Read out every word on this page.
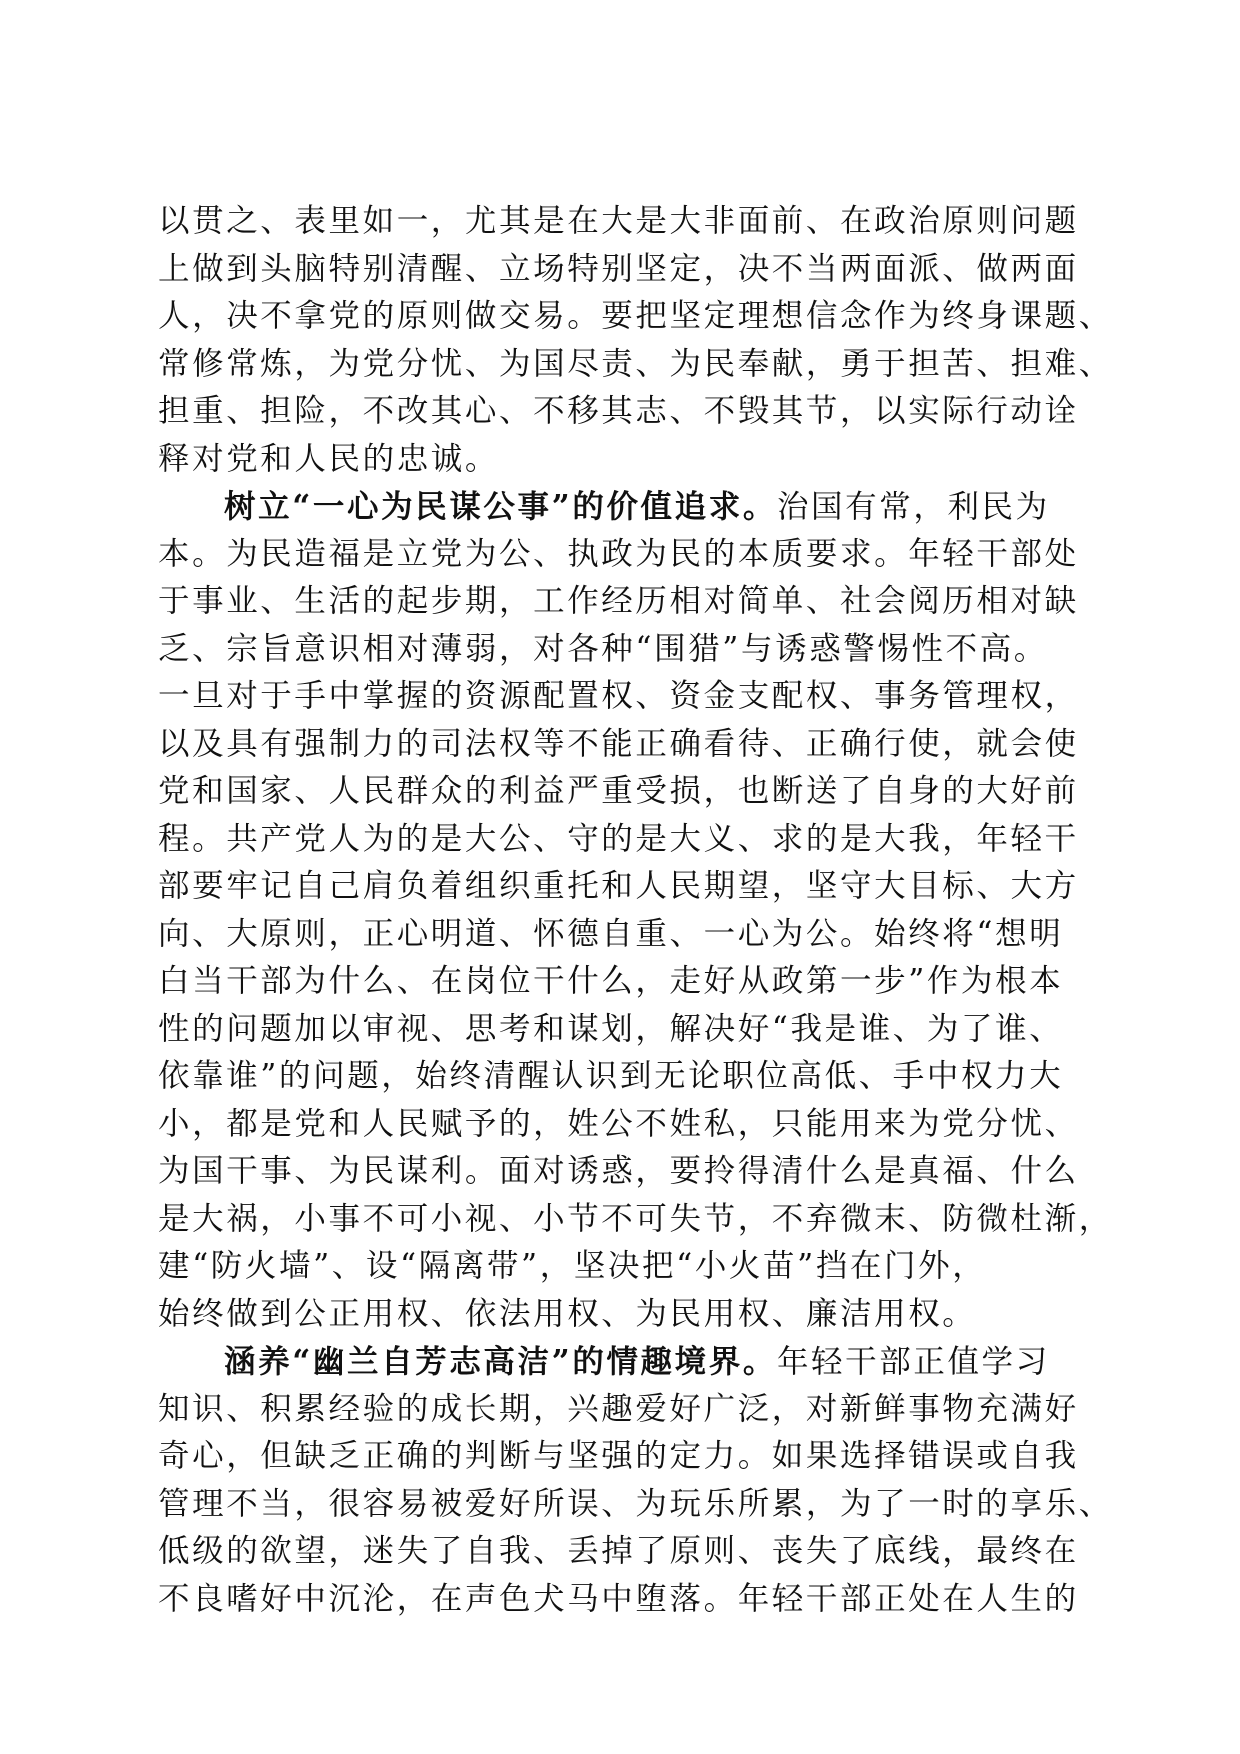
以贯之、表里如一，尤其是在大是大非面前、在政治原则问题
上做到头脑特别清醒、立场特别坚定，决不当两面派、做两面
人，决不拿党的原则做交易。要把坚定理想信念作为终身课题、
常修常炼，为党分忧、为国尽责、为民奉献，勇于担苦、担难、
担重、担险，不改其心、不移其志、不毁其节，以实际行动诠
释对党和人民的忠诚。
树立“一心为民谋公事”的价值追求。治国有常，利民为
本。为民造福是立党为公、执政为民的本质要求。年轻干部处
于事业、生活的起步期，工作经历相对简单、社会阅历相对缺
乏、宗旨意识相对薄弱，对各种“围猎”与诱惑警惕性不高。
一旦对于手中掌握的资源配置权、资金支配权、事务管理权，
以及具有强制力的司法权等不能正确看待、正确行使，就会使
党和国家、人民群众的利益严重受损，也断送了自身的大好前
程。共产党人为的是大公、守的是大义、求的是大我，年轻干
部要牢记自己肩负着组织重托和人民期望，坚守大目标、大方
向、大原则，正心明道、怀德自重、一心为公。始终将“想明
白当干部为什么、在岗位干什么，走好从政第一步”作为根本
性的问题加以审视、思考和谋划，解决好“我是谁、为了谁、
依靠谁”的问题，始终清醒认识到无论职位高低、手中权力大
小，都是党和人民赋予的，姓公不姓私，只能用来为党分忧、
为国干事、为民谋利。面对诱惑，要拎得清什么是真福、什么
是大祸，小事不可小视、小节不可失节，不弃微末、防微杜渐，
建“防火墙”、设“隔离带”，坚决把“小火苗”挡在门外，
始终做到公正用权、依法用权、为民用权、廉洁用权。
涵养“幽兰自芳志高洁”的情趣境界。年轻干部正值学习
知识、积累经验的成长期，兴趣爱好广泛，对新鲜事物充满好
奇心，但缺乏正确的判断与坚强的定力。如果选择错误或自我
管理不当，很容易被爱好所误、为玩乐所累，为了一时的享乐、
低级的欲望，迷失了自我、丢掉了原则、丧失了底线，最终在
不良嗜好中沉沦，在声色犬马中堕落。年轻干部正处在人生的
